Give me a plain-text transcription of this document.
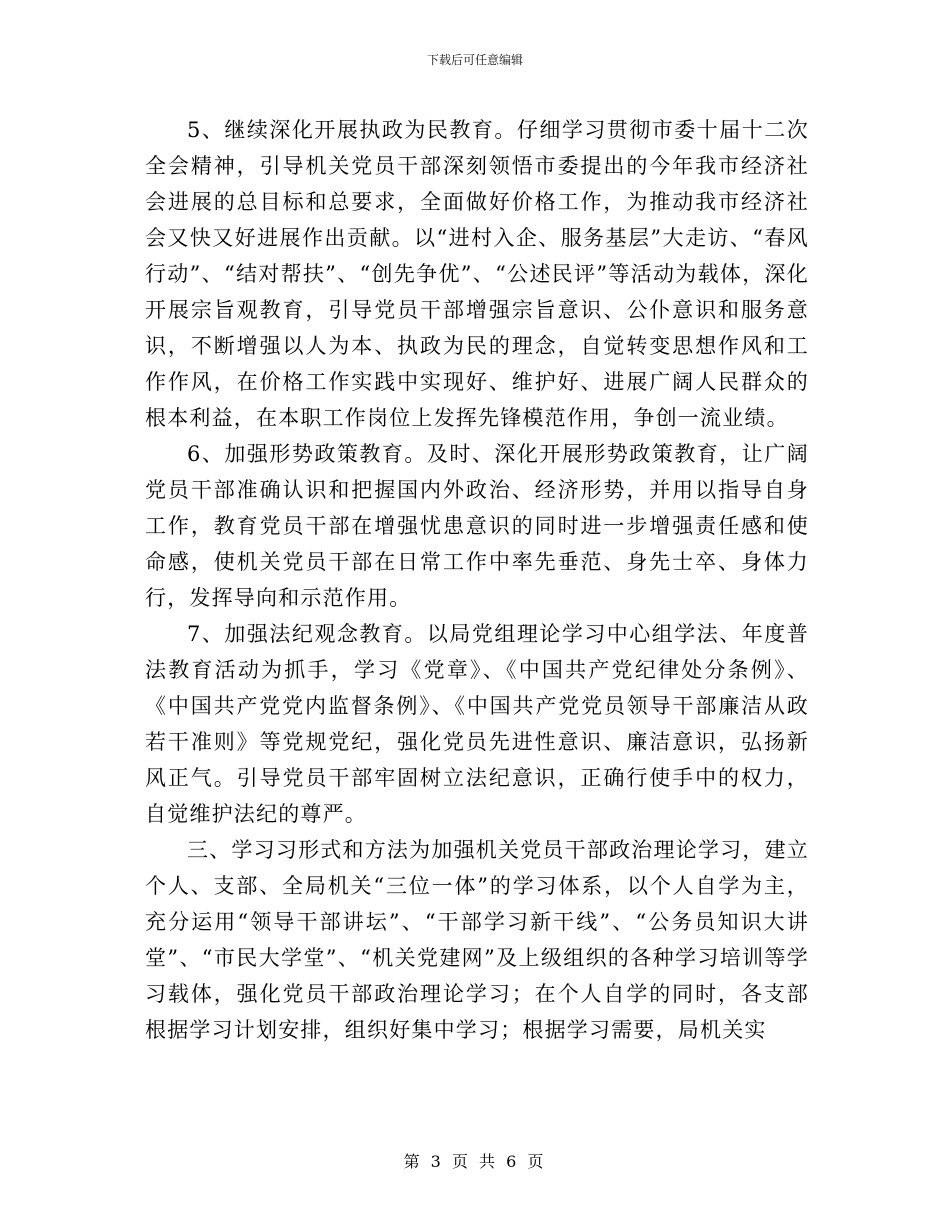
下载后可任意编辑

5、继续深化开展执政为民教育。仔细学习贯彻市委十届十二次全会精神，引导机关党员干部深刻领悟市委提出的今年我市经济社会进展的总目标和总要求，全面做好价格工作，为推动我市经济社会又快又好进展作出贡献。以“进村入企、服务基层”大走访、“春风行动”、“结对帮扶”、“创先争优”、“公述民评”等活动为载体，深化开展宗旨观教育，引导党员干部增强宗旨意识、公仆意识和服务意识，不断增强以人为本、执政为民的理念，自觉转变思想作风和工作作风，在价格工作实践中实现好、维护好、进展广阔人民群众的根本利益，在本职工作岗位上发挥先锋模范作用，争创一流业绩。

6、加强形势政策教育。及时、深化开展形势政策教育，让广阔党员干部准确认识和把握国内外政治、经济形势，并用以指导自身工作，教育党员干部在增强忧患意识的同时进一步增强责任感和使命感，使机关党员干部在日常工作中率先垂范、身先士卒、身体力行，发挥导向和示范作用。

7、加强法纪观念教育。以局党组理论学习中心组学法、年度普法教育活动为抓手，学习《党章》、《中国共产党纪律处分条例》、《中国共产党党内监督条例》、《中国共产党党员领导干部廉洁从政若干准则》等党规党纪，强化党员先进性意识、廉洁意识，弘扬新风正气。引导党员干部牢固树立法纪意识，正确行使手中的权力，自觉维护法纪的尊严。

三、学习习形式和方法为加强机关党员干部政治理论学习，建立个人、支部、全局机关“三位一体”的学习体系，以个人自学为主，充分运用“领导干部讲坛”、“干部学习新干线”、“公务员知识大讲堂”、“市民大学堂”、“机关党建网”及上级组织的各种学习培训等学习载体，强化党员干部政治理论学习；在个人自学的同时，各支部根据学习计划安排，组织好集中学习；根据学习需要，局机关实

第 3 页 共 6 页
